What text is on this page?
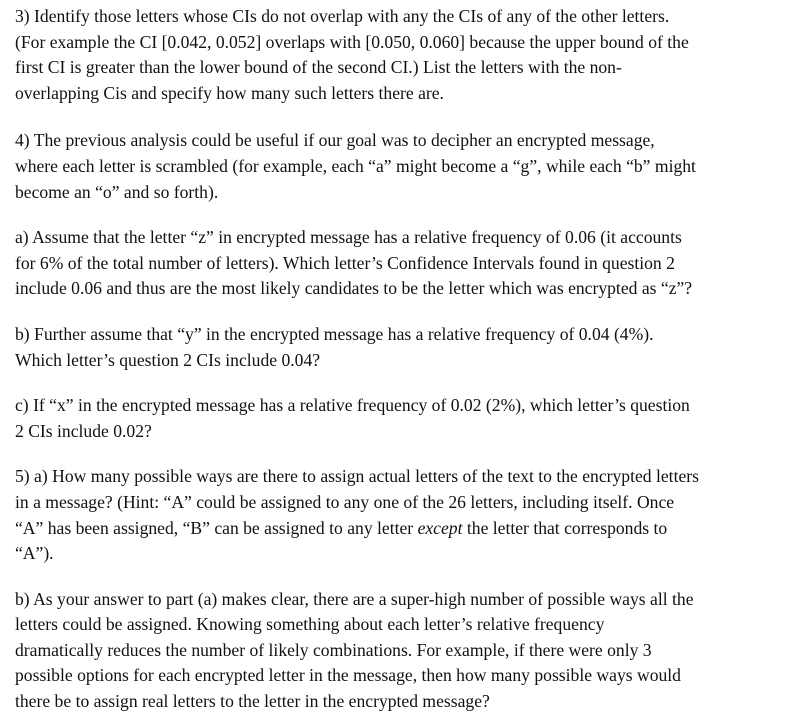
3) Identify those letters whose CIs do not overlap with any the CIs of any of the other letters.
(For example the CI [0.042, 0.052] overlaps with [0.050, 0.060] because the upper bound of the
first CI is greater than the lower bound of the second CI.) List the letters with the non-
overlapping Cis and specify how many such letters there are.

4) The previous analysis could be useful if our goal was to decipher an encrypted message,
where each letter is scrambled (for example, each “a” might become a “g”, while each “b” might
become an “o” and so forth).

a) Assume that the letter “z” in encrypted message has a relative frequency of 0.06 (it accounts
for 6% of the total number of letters). Which letter’s Confidence Intervals found in question 2
include 0.06 and thus are the most likely candidates to be the letter which was encrypted as “z”?

b) Further assume that “y” in the encrypted message has a relative frequency of 0.04 (4%).
Which letter’s question 2 CIs include 0.04?

c) If “x” in the encrypted message has a relative frequency of 0.02 (2%), which letter’s question
2 CIs include 0.02?

5) a) How many possible ways are there to assign actual letters of the text to the encrypted letters
in a message? (Hint: “A” could be assigned to any one of the 26 letters, including itself. Once
“A” has been assigned, “B” can be assigned to any letter except the letter that corresponds to
“A”).

b) As your answer to part (a) makes clear, there are a super-high number of possible ways all the
letters could be assigned. Knowing something about each letter’s relative frequency
dramatically reduces the number of likely combinations. For example, if there were only 3
possible options for each encrypted letter in the message, then how many possible ways would
there be to assign real letters to the letter in the encrypted message?
